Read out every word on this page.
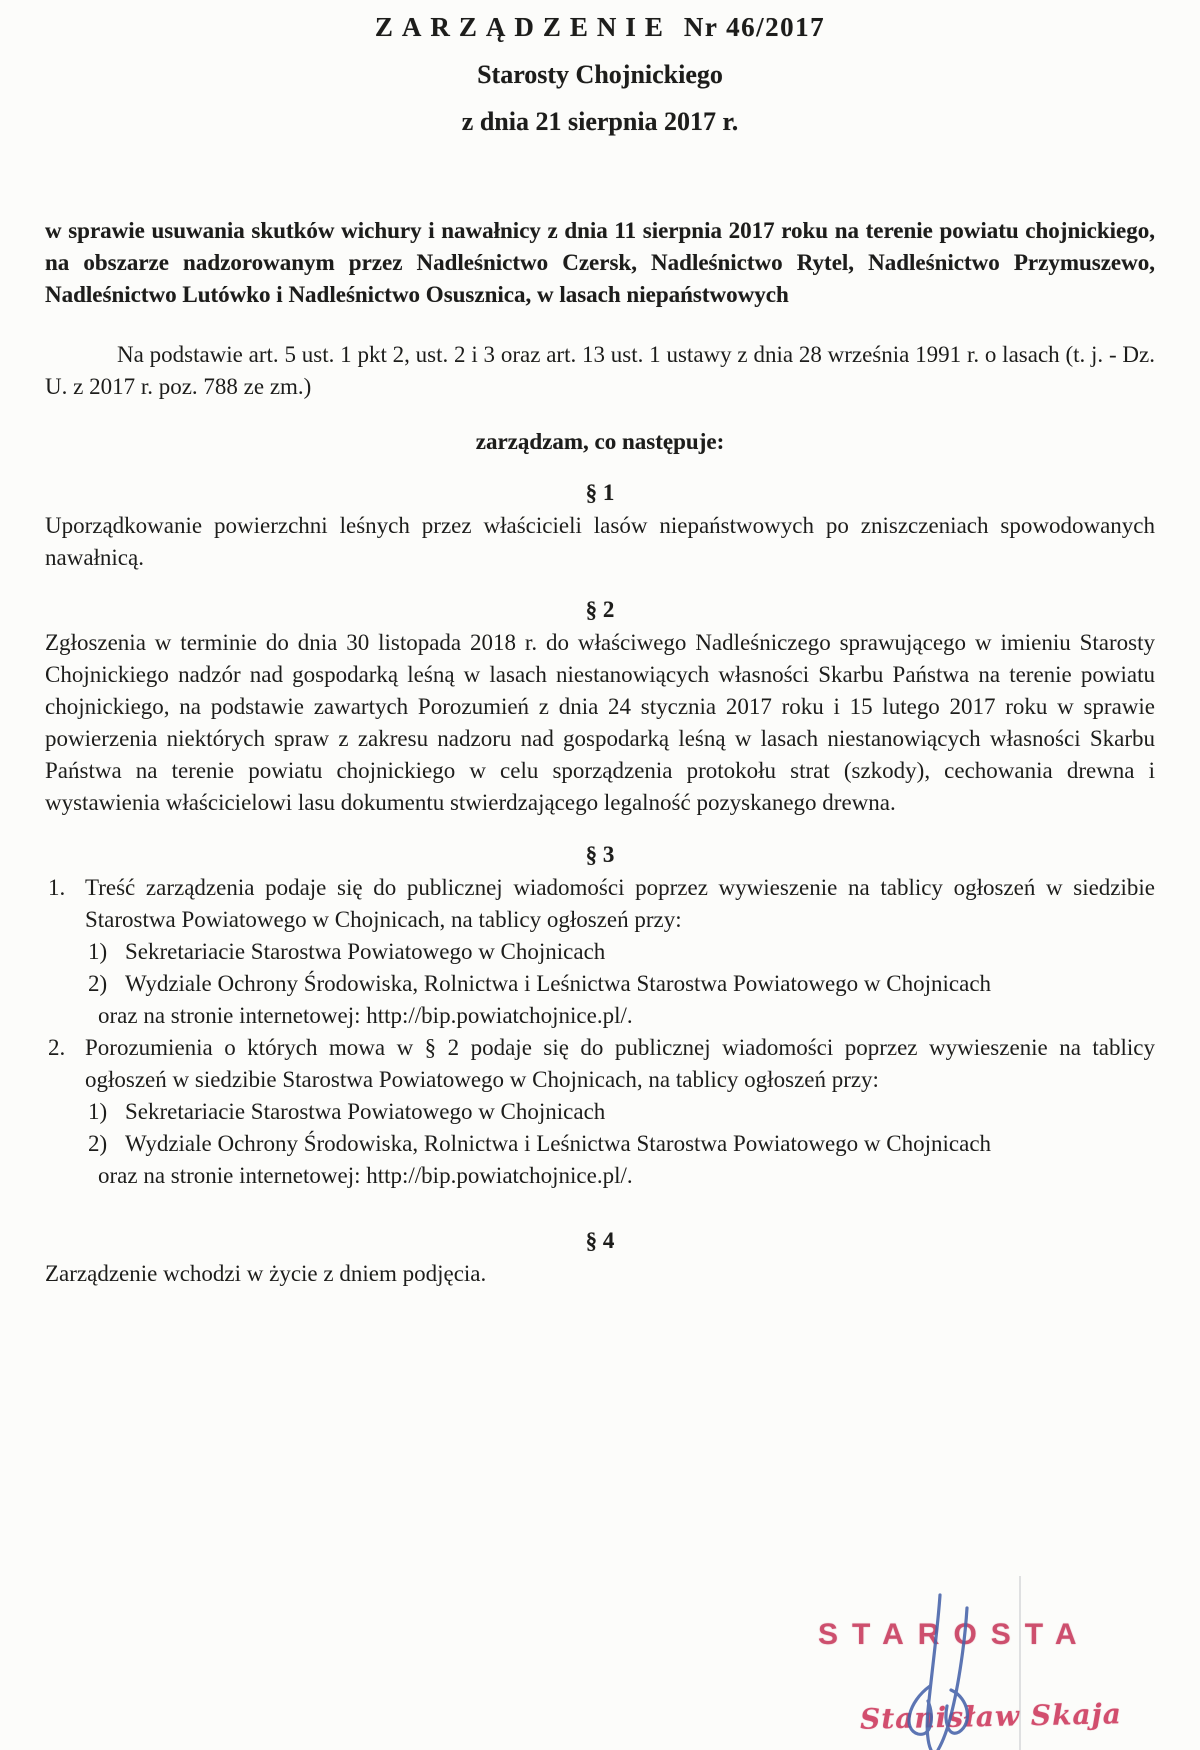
ZARZĄDZENIE Nr 46/2017
Starosty Chojnickiego
z dnia 21 sierpnia 2017 r.

w sprawie usuwania skutków wichury i nawałnicy z dnia 11 sierpnia 2017 roku na terenie powiatu chojnickiego, na obszarze nadzorowanym przez Nadleśnictwo Czersk, Nadleśnictwo Rytel, Nadleśnictwo Przymuszewo, Nadleśnictwo Lutówko i Nadleśnictwo Osusznica, w lasach niepaństwowych

Na podstawie art. 5 ust. 1 pkt 2, ust. 2 i 3 oraz art. 13 ust. 1 ustawy z dnia 28 września 1991 r. o lasach (t. j. - Dz. U. z 2017 r. poz. 788 ze zm.)

zarządzam, co następuje:
§ 1

Uporządkowanie powierzchni leśnych przez właścicieli lasów niepaństwowych po zniszczeniach spowodowanych nawałnicą.

§ 2

Zgłoszenia w terminie do dnia 30 listopada 2018 r. do właściwego Nadleśniczego sprawującego w imieniu Starosty Chojnickiego nadzór nad gospodarką leśną w lasach niestanowiących własności Skarbu Państwa na terenie powiatu chojnickiego, na podstawie zawartych Porozumień z dnia 24 stycznia 2017 roku i 15 lutego 2017 roku w sprawie powierzenia niektórych spraw z zakresu nadzoru nad gospodarką leśną w lasach niestanowiących własności Skarbu Państwa na terenie powiatu chojnickiego w celu sporządzenia protokołu strat (szkody), cechowania drewna i wystawienia właścicielowi lasu dokumentu stwierdzającego legalność pozyskanego drewna.

§ 3
1. Treść zarządzenia podaje się do publicznej wiadomości poprzez wywieszenie na tablicy ogłoszeń w siedzibie Starostwa Powiatowego w Chojnicach, na tablicy ogłoszeń przy:
1) Sekretariacie Starostwa Powiatowego w Chojnicach
2) Wydziale Ochrony Środowiska, Rolnictwa i Leśnictwa Starostwa Powiatowego w Chojnicach
oraz na stronie internetowej: http://bip.powiatchojnice.pl/.
2. Porozumienia o których mowa w § 2 podaje się do publicznej wiadomości poprzez wywieszenie na tablicy ogłoszeń w siedzibie Starostwa Powiatowego w Chojnicach, na tablicy ogłoszeń przy:
1) Sekretariacie Starostwa Powiatowego w Chojnicach
2) Wydziale Ochrony Środowiska, Rolnictwa i Leśnictwa Starostwa Powiatowego w Chojnicach
oraz na stronie internetowej: http://bip.powiatchojnice.pl/.
§ 4

Zarządzenie wchodzi w życie z dniem podjęcia.

STAROSTA
Stanisław Skaja
